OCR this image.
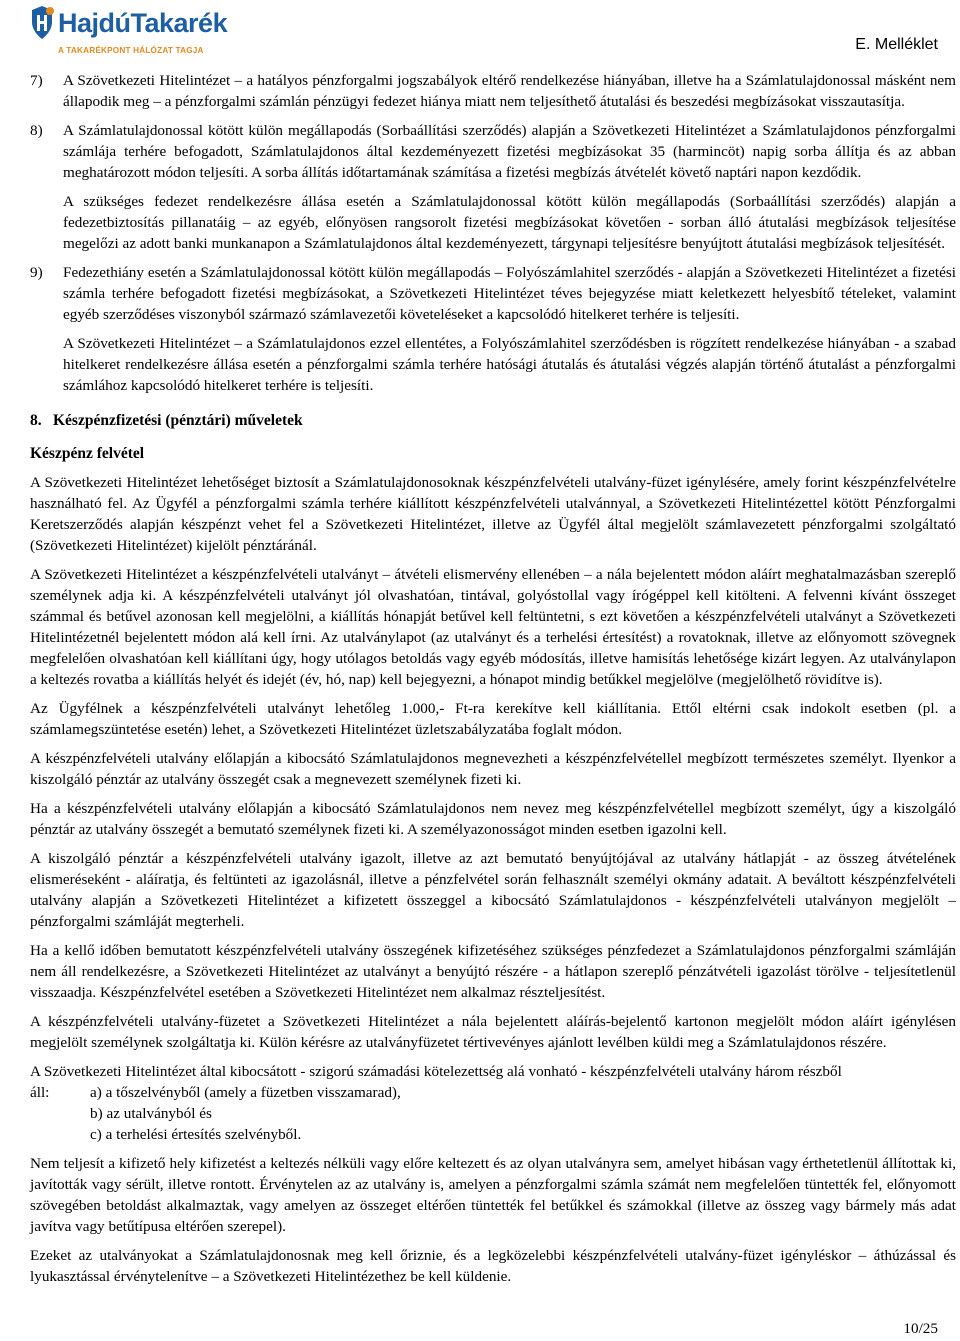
HajdúTakarék
A TAKARÉKPONT HÁLÓZAT TAGJA	E. Melléklet
7)	A Szövetkezeti Hitelintézet – a hatályos pénzforgalmi jogszabályok eltérő rendelkezése hiányában, illetve ha a Számlatulajdonossal másként nem állapodik meg – a pénzforgalmi számlán pénzügyi fedezet hiánya miatt nem teljesíthető átutalási és beszedési megbízásokat visszautasítja.
8)	A Számlatulajdonossal kötött külön megállapodás (Sorbaállítási szerződés) alapján a Szövetkezeti Hitelintézet a Számlatulajdonos pénzforgalmi számlája terhére befogadott, Számlatulajdonos által kezdeményezett fizetési megbízásokat 35 (harmincöt) napig sorba állítja és az abban meghatározott módon teljesíti. A sorba állítás időtartamának számítása a fizetési megbízás átvételét követő naptári napon kezdődik.

A szükséges fedezet rendelkezésre állása esetén a Számlatulajdonossal kötött külön megállapodás (Sorbaállítási szerződés) alapján a fedezetbiztosítás pillanatáig – az egyéb, előnyösen rangsorolt fizetési megbízásokat követően - sorban álló átutalási megbízások teljesítése megelőzi az adott banki munkanapon a Számlatulajdonos által kezdeményezett, tárgynapi teljesítésre benyújtott átutalási megbízások teljesítését.

9)	Fedezethiány esetén a Számlatulajdonossal kötött külön megállapodás – Folyószámlahitel szerződés - alapján a Szövetkezeti Hitelintézet a fizetési számla terhére befogadott fizetési megbízásokat, a Szövetkezeti Hitelintézet téves bejegyzése miatt keletkezett helyesbítő tételeket, valamint egyéb szerződéses viszonyból származó számlavezetői követeléseket a kapcsolódó hitelkeret terhére is teljesíti.

A Szövetkezeti Hitelintézet – a Számlatulajdonos ezzel ellentétes, a Folyószámlahitel szerződésben is rögzített rendelkezése hiányában - a szabad hitelkeret rendelkezésre állása esetén a pénzforgalmi számla terhére hatósági átutalás és átutalási végzés alapján történő átutalást a pénzforgalmi számlához kapcsolódó hitelkeret terhére is teljesíti.

8. Készpénzfizetési (pénztári) műveletek
Készpénz felvétel

A Szövetkezeti Hitelintézet lehetőséget biztosít a Számlatulajdonosoknak készpénzfelvételi utalvány-füzet igénylésére, amely forint készpénzfelvételre használható fel. Az Ügyfél a pénzforgalmi számla terhére kiállított készpénzfelvételi utalvánnyal, a Szövetkezeti Hitelintézettel kötött Pénzforgalmi Keretszerződés alapján készpénzt vehet fel a Szövetkezeti Hitelintézet, illetve az Ügyfél által megjelölt számlavezetett pénzforgalmi szolgáltató (Szövetkezeti Hitelintézet) kijelölt pénztáránál.

A Szövetkezeti Hitelintézet a készpénzfelvételi utalványt – átvételi elismervény ellenében – a nála bejelentett módon aláírt meghatalmazásban szereplő személynek adja ki. A készpénzfelvételi utalványt jól olvashatóan, tintával, golyóstollal vagy írógéppel kell kitölteni. A felvenni kívánt összeget számmal és betűvel azonosan kell megjelölni, a kiállítás hónapját betűvel kell feltüntetni, s ezt követően a készpénzfelvételi utalványt a Szövetkezeti Hitelintézetnél bejelentett módon alá kell írni. Az utalványlapot (az utalványt és a terhelési értesítést) a rovatoknak, illetve az előnyomott szövegnek megfelelően olvashatóan kell kiállítani úgy, hogy utólagos betoldás vagy egyéb módosítás, illetve hamisítás lehetősége kizárt legyen. Az utalványlapon a keltezés rovatba a kiállítás helyét és idejét (év, hó, nap) kell bejegyezni, a hónapot mindig betűkkel megjelölve (megjelölhető rövidítve is).

Az Ügyfélnek a készpénzfelvételi utalványt lehetőleg 1.000,- Ft-ra kerekítve kell kiállítania. Ettől eltérni csak indokolt esetben (pl. a számlamegszüntetése esetén) lehet, a Szövetkezeti Hitelintézet üzletszabályzatába foglalt módon.

A készpénzfelvételi utalvány előlapján a kibocsátó Számlatulajdonos megnevezheti a készpénzfelvétellel megbízott természetes személyt. Ilyenkor a kiszolgáló pénztár az utalvány összegét csak a megnevezett személynek fizeti ki.

Ha a készpénzfelvételi utalvány előlapján a kibocsátó Számlatulajdonos nem nevez meg készpénzfelvétellel megbízott személyt, úgy a kiszolgáló pénztár az utalvány összegét a bemutató személynek fizeti ki. A személyazonosságot minden esetben igazolni kell.

A kiszolgáló pénztár a készpénzfelvételi utalvány igazolt, illetve az azt bemutató benyújtójával az utalvány hátlapját - az összeg átvételének elismeréseként - aláíratja, és feltünteti az igazolásnál, illetve a pénzfelvétel során felhasznált személyi okmány adatait. A beváltott készpénzfelvételi utalvány alapján a Szövetkezeti Hitelintézet a kifizetett összeggel a kibocsátó Számlatulajdonos - készpénzfelvételi utalványon megjelölt – pénzforgalmi számláját megterheli.

Ha a kellő időben bemutatott készpénzfelvételi utalvány összegének kifizetéséhez szükséges pénzfedezet a Számlatulajdonos pénzforgalmi számláján nem áll rendelkezésre, a Szövetkezeti Hitelintézet az utalványt a benyújtó részére - a hátlapon szereplő pénzátvételi igazolást törölve - teljesítetlenül visszaadja. Készpénzfelvétel esetében a Szövetkezeti Hitelintézet nem alkalmaz részteljesítést.

A készpénzfelvételi utalvány-füzetet a Szövetkezeti Hitelintézet a nála bejelentett aláírás-bejelentő kartonon megjelölt módon aláírt igénylésen megjelölt személynek szolgáltatja ki. Külön kérésre az utalványfüzetet tértivevényes ajánlott levélben küldi meg a Számlatulajdonos részére.

A Szövetkezeti Hitelintézet által kibocsátott - szigorú számadási kötelezettség alá vonható - készpénzfelvételi utalvány három részből

áll:	a) a tőszelvényből (amely a füzetben visszamarad),
b) az utalványból és
c) a terhelési értesítés szelvényből.

Nem teljesít a kifizető hely kifizetést a keltezés nélküli vagy előre keltezett és az olyan utalványra sem, amelyet hibásan vagy érthetetlenül állítottak ki, javították vagy sérült, illetve rontott. Érvénytelen az az utalvány is, amelyen a pénzforgalmi számla számát nem megfelelően tüntették fel, előnyomott szövegében betoldást alkalmaztak, vagy amelyen az összeget eltérően tüntették fel betűkkel és számokkal (illetve az összeg vagy bármely más adat javítva vagy betűtípusa eltérően szerepel).

Ezeket az utalványokat a Számlatulajdonosnak meg kell őriznie, és a legközelebbi készpénzfelvételi utalvány-füzet igényléskor – áthúzással és lyukasztással érvénytelenítve – a Szövetkezeti Hitelintézethez be kell küldenie.

10/25
